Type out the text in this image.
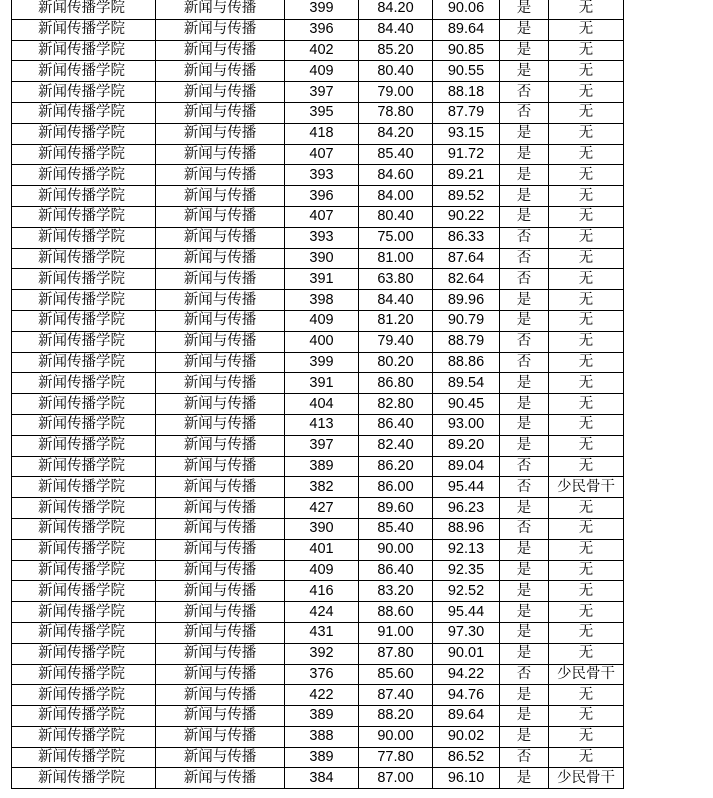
新闻传播学院	新闻与传播	399	84.20	90.06	是	无
新闻传播学院	新闻与传播	396	84.40	89.64	是	无
新闻传播学院	新闻与传播	402	85.20	90.85	是	无
新闻传播学院	新闻与传播	409	80.40	90.55	是	无
新闻传播学院	新闻与传播	397	79.00	88.18	否	无
新闻传播学院	新闻与传播	395	78.80	87.79	否	无
新闻传播学院	新闻与传播	418	84.20	93.15	是	无
新闻传播学院	新闻与传播	407	85.40	91.72	是	无
新闻传播学院	新闻与传播	393	84.60	89.21	是	无
新闻传播学院	新闻与传播	396	84.00	89.52	是	无
新闻传播学院	新闻与传播	407	80.40	90.22	是	无
新闻传播学院	新闻与传播	393	75.00	86.33	否	无
新闻传播学院	新闻与传播	390	81.00	87.64	否	无
新闻传播学院	新闻与传播	391	63.80	82.64	否	无
新闻传播学院	新闻与传播	398	84.40	89.96	是	无
新闻传播学院	新闻与传播	409	81.20	90.79	是	无
新闻传播学院	新闻与传播	400	79.40	88.79	否	无
新闻传播学院	新闻与传播	399	80.20	88.86	否	无
新闻传播学院	新闻与传播	391	86.80	89.54	是	无
新闻传播学院	新闻与传播	404	82.80	90.45	是	无
新闻传播学院	新闻与传播	413	86.40	93.00	是	无
新闻传播学院	新闻与传播	397	82.40	89.20	是	无
新闻传播学院	新闻与传播	389	86.20	89.04	否	无
新闻传播学院	新闻与传播	382	86.00	95.44	否	少民骨干
新闻传播学院	新闻与传播	427	89.60	96.23	是	无
新闻传播学院	新闻与传播	390	85.40	88.96	否	无
新闻传播学院	新闻与传播	401	90.00	92.13	是	无
新闻传播学院	新闻与传播	409	86.40	92.35	是	无
新闻传播学院	新闻与传播	416	83.20	92.52	是	无
新闻传播学院	新闻与传播	424	88.60	95.44	是	无
新闻传播学院	新闻与传播	431	91.00	97.30	是	无
新闻传播学院	新闻与传播	392	87.80	90.01	是	无
新闻传播学院	新闻与传播	376	85.60	94.22	否	少民骨干
新闻传播学院	新闻与传播	422	87.40	94.76	是	无
新闻传播学院	新闻与传播	389	88.20	89.64	是	无
新闻传播学院	新闻与传播	388	90.00	90.02	是	无
新闻传播学院	新闻与传播	389	77.80	86.52	否	无
新闻传播学院	新闻与传播	384	87.00	96.10	是	少民骨干
